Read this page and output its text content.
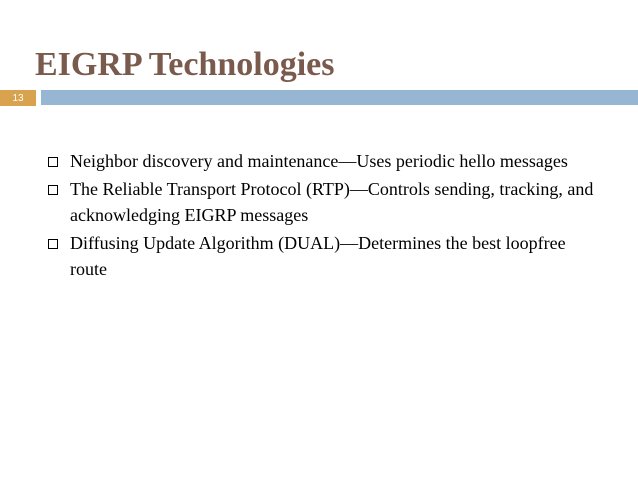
EIGRP Technologies
13
Neighbor discovery and maintenance—Uses periodic hello messages
The Reliable Transport Protocol (RTP)—Controls sending, tracking, and acknowledging EIGRP messages
Diffusing Update Algorithm (DUAL)—Determines the best loopfree route
